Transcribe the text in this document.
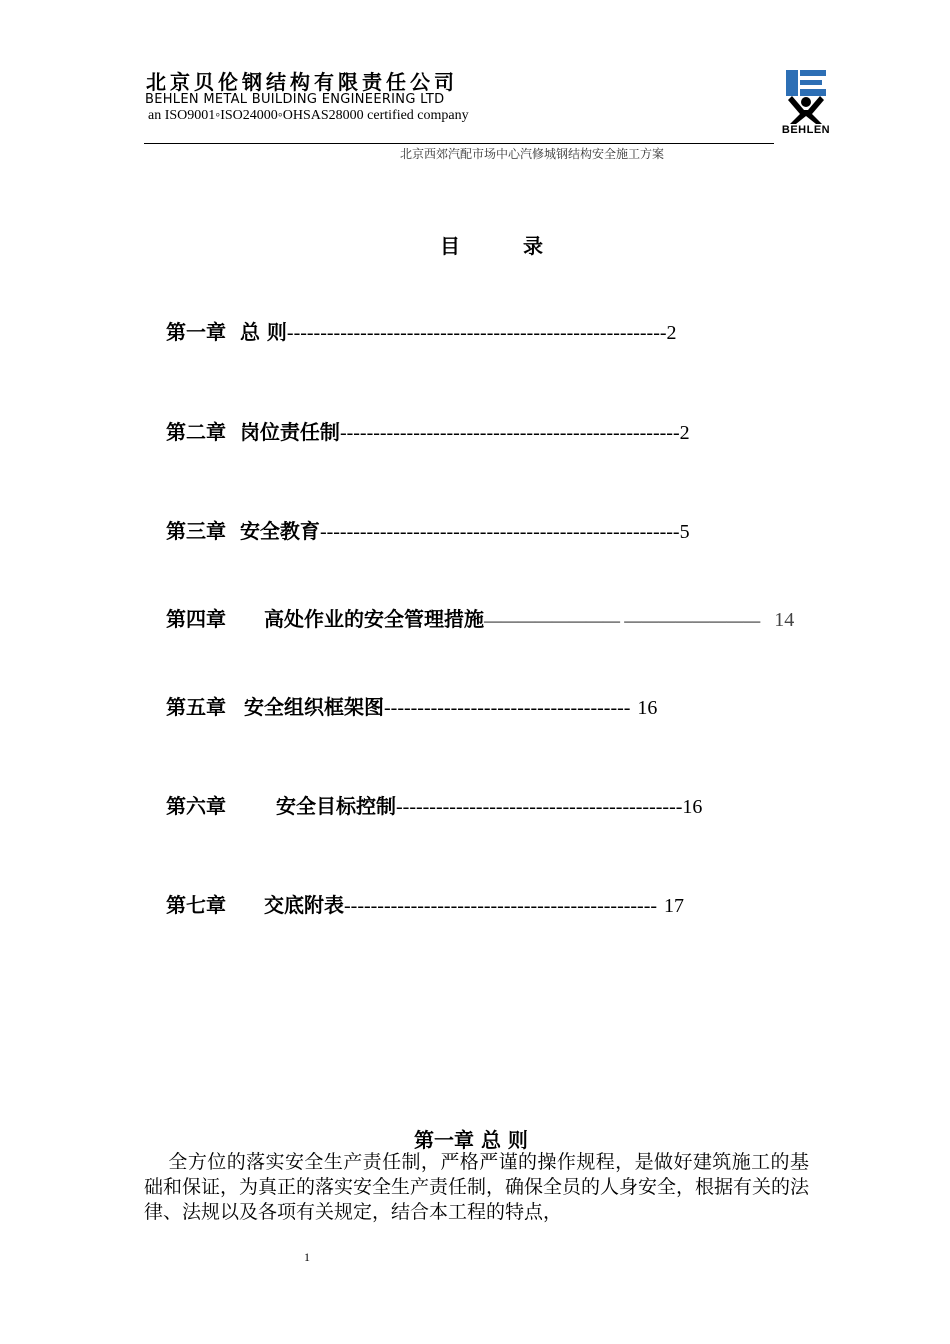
北京贝伦钢结构有限责任公司
BEHLEN METAL BUILDING ENGINEERING LTD
an ISO9001◦ISO24000◦OHSAS28000 certified company
北京西郊汽配市场中心汽修城钢结构安全施工方案
BEHLEN
目 录
第一章 总 则---------------------------------------------------------2
第二章 岗位责任制---------------------------------------------------2
第三章 安全教育------------------------------------------------------5
第四章 高处作业的安全管理措施———————— ———————— 14
第五章 安全组织框架图------------------------------------- 16
第六章	安全目标控制-------------------------------------------16
第七章 交底附表----------------------------------------------- 17
第一章 总 则
全方位的落实安全生产责任制，严格严谨的操作规程，是做好建筑施工的基础和保证，为真正的落实安全生产责任制，确保全员的人身安全，根据有关的法律、法规以及各项有关规定，结合本工程的特点，
1
